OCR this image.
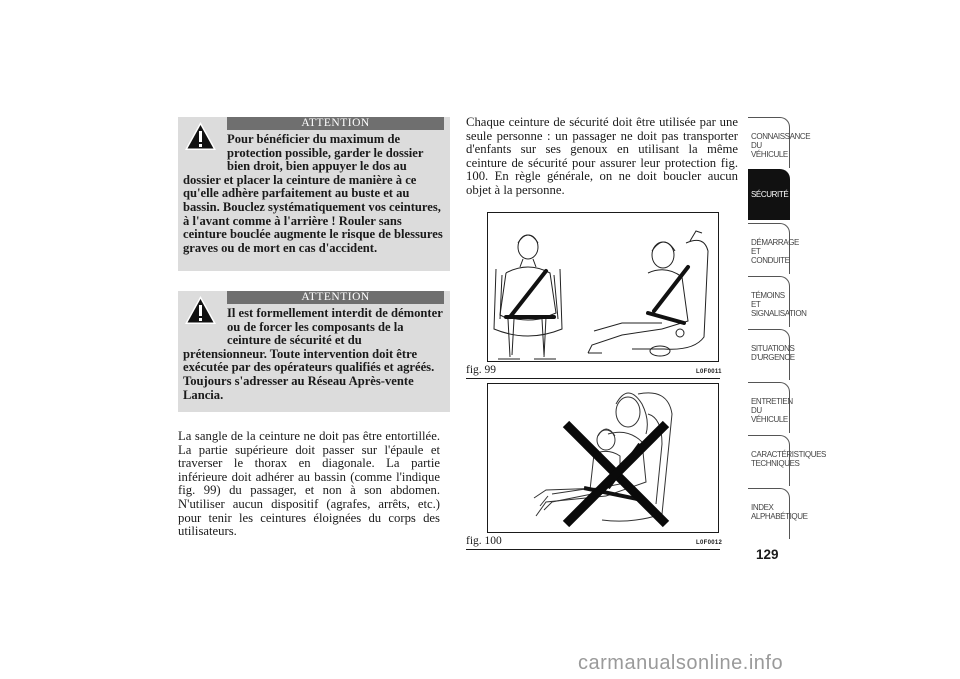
ATTENTION
Pour bénéficier du maximum de protection possible, garder le dossier bien droit, bien appuyer le dos au dossier et placer la ceinture de manière à ce qu'elle adhère parfaitement au buste et au bassin. Bouclez systématiquement vos ceintures, à l'avant comme à l'arrière ! Rouler sans ceinture bouclée augmente le risque de blessures graves ou de mort en cas d'accident.
ATTENTION
Il est formellement interdit de démonter ou de forcer les composants de la ceinture de sécurité et du prétensionneur. Toute intervention doit être exécutée par des opérateurs qualifiés et agréés. Toujours s'adresser au Réseau Après-vente Lancia.
La sangle de la ceinture ne doit pas être entortillée. La partie supérieure doit passer sur l'épaule et traverser le thorax en diagonale. La partie inférieure doit adhérer au bassin (comme l'indique fig. 99) du passager, et non à son abdomen. N'utiliser aucun dispositif (agrafes, arrêts, etc.) pour tenir les ceintures éloignées du corps des utilisateurs.
Chaque ceinture de sécurité doit être utilisée par une seule personne : un passager ne doit pas transporter d'enfants sur ses genoux en utilisant la même ceinture de sécurité pour assurer leur protection fig. 100. En règle générale, on ne doit boucler aucun objet à la personne.
fig. 99	L0F0011
fig. 100	L0F0012
CONNAISSANCE DU
VÉHICULE
SÉCURITÉ
DÉMARRAGE ET
CONDUITE
TÉMOINS ET
SIGNALISATION
SITUATIONS
D'URGENCE
ENTRETIEN DU
VÉHICULE
CARACTÉRISTIQUES
TECHNIQUES
INDEX
ALPHABÉTIQUE
129
carmanualsonline.info
